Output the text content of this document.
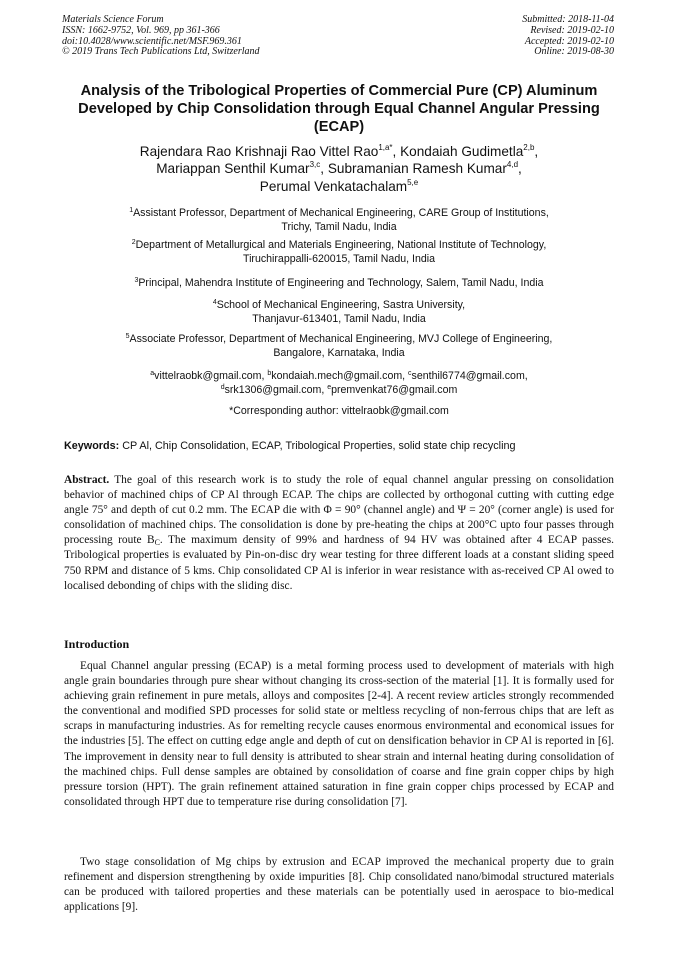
Materials Science Forum
ISSN: 1662-9752, Vol. 969, pp 361-366
doi:10.4028/www.scientific.net/MSF.969.361
© 2019 Trans Tech Publications Ltd, Switzerland
Submitted: 2018-11-04
Revised: 2019-02-10
Accepted: 2019-02-10
Online: 2019-08-30
Analysis of the Tribological Properties of Commercial Pure (CP) Aluminum Developed by Chip Consolidation through Equal Channel Angular Pressing (ECAP)
Rajendara Rao Krishnaji Rao Vittel Rao$^{1,a*}$, Kondaiah Gudimetla$^{2,b}$,
Mariappan Senthil Kumar$^{3,c}$, Subramanian Ramesh Kumar$^{4,d}$,
Perumal Venkatachalam$^{5,e}$
$^1$Assistant Professor, Department of Mechanical Engineering, CARE Group of Institutions,
Trichy, Tamil Nadu, India
$^2$Department of Metallurgical and Materials Engineering, National Institute of Technology,
Tiruchirappalli-620015, Tamil Nadu, India
$^3$Principal, Mahendra Institute of Engineering and Technology, Salem, Tamil Nadu, India
$^4$School of Mechanical Engineering, Sastra University,
Thanjavur-613401, Tamil Nadu, India
$^5$Associate Professor, Department of Mechanical Engineering, MVJ College of Engineering,
Bangalore, Karnataka, India
$^a$vittelraobk@gmail.com, $^b$kondaiah.mech@gmail.com, $^c$senthil6774@gmail.com,
$^d$srk1306@gmail.com, $^e$premvenkat76@gmail.com
*Corresponding author: vittelraobk@gmail.com
Keywords: CP Al, Chip Consolidation, ECAP, Tribological Properties, solid state chip recycling
Abstract. The goal of this research work is to study the role of equal channel angular pressing on consolidation behavior of machined chips of CP Al through ECAP. The chips are collected by orthogonal cutting with cutting edge angle 75° and depth of cut 0.2 mm. The ECAP die with Φ = 90° (channel angle) and Ψ = 20° (corner angle) is used for consolidation of machined chips. The consolidation is done by pre-heating the chips at 200°C upto four passes through processing route $B_C$. The maximum density of 99% and hardness of 94 HV was obtained after 4 ECAP passes. Tribological properties is evaluated by Pin-on-disc dry wear testing for three different loads at a constant sliding speed 750 RPM and distance of 5 kms. Chip consolidated CP Al is inferior in wear resistance with as-received CP Al owed to localised debonding of chips with the sliding disc.
Introduction

Equal Channel angular pressing (ECAP) is a metal forming process used to development of materials with high angle grain boundaries through pure shear without changing its cross-section of the material [1]. It is formally used for achieving grain refinement in pure metals, alloys and composites [2-4]. A recent review articles strongly recommended the conventional and modified SPD processes for solid state or meltless recycling of non-ferrous chips that are left as scraps in manufacturing industries. As for remelting recycle causes enormous environmental and economical issues for the industries [5]. The effect on cutting edge angle and depth of cut on densification behavior in CP Al is reported in [6]. The improvement in density near to full density is attributed to shear strain and internal heating during consolidation of the machined chips. Full dense samples are obtained by consolidation of coarse and fine grain copper chips by high pressure torsion (HPT). The grain refinement attained saturation in fine grain copper chips processed by ECAP and consolidated through HPT due to temperature rise during consolidation [7].

Two stage consolidation of Mg chips by extrusion and ECAP improved the mechanical property due to grain refinement and dispersion strengthening by oxide impurities [8]. Chip consolidated nano/bimodal structured materials can be produced with tailored properties and these materials can be potentially used in aerospace to bio-medical applications [9].
